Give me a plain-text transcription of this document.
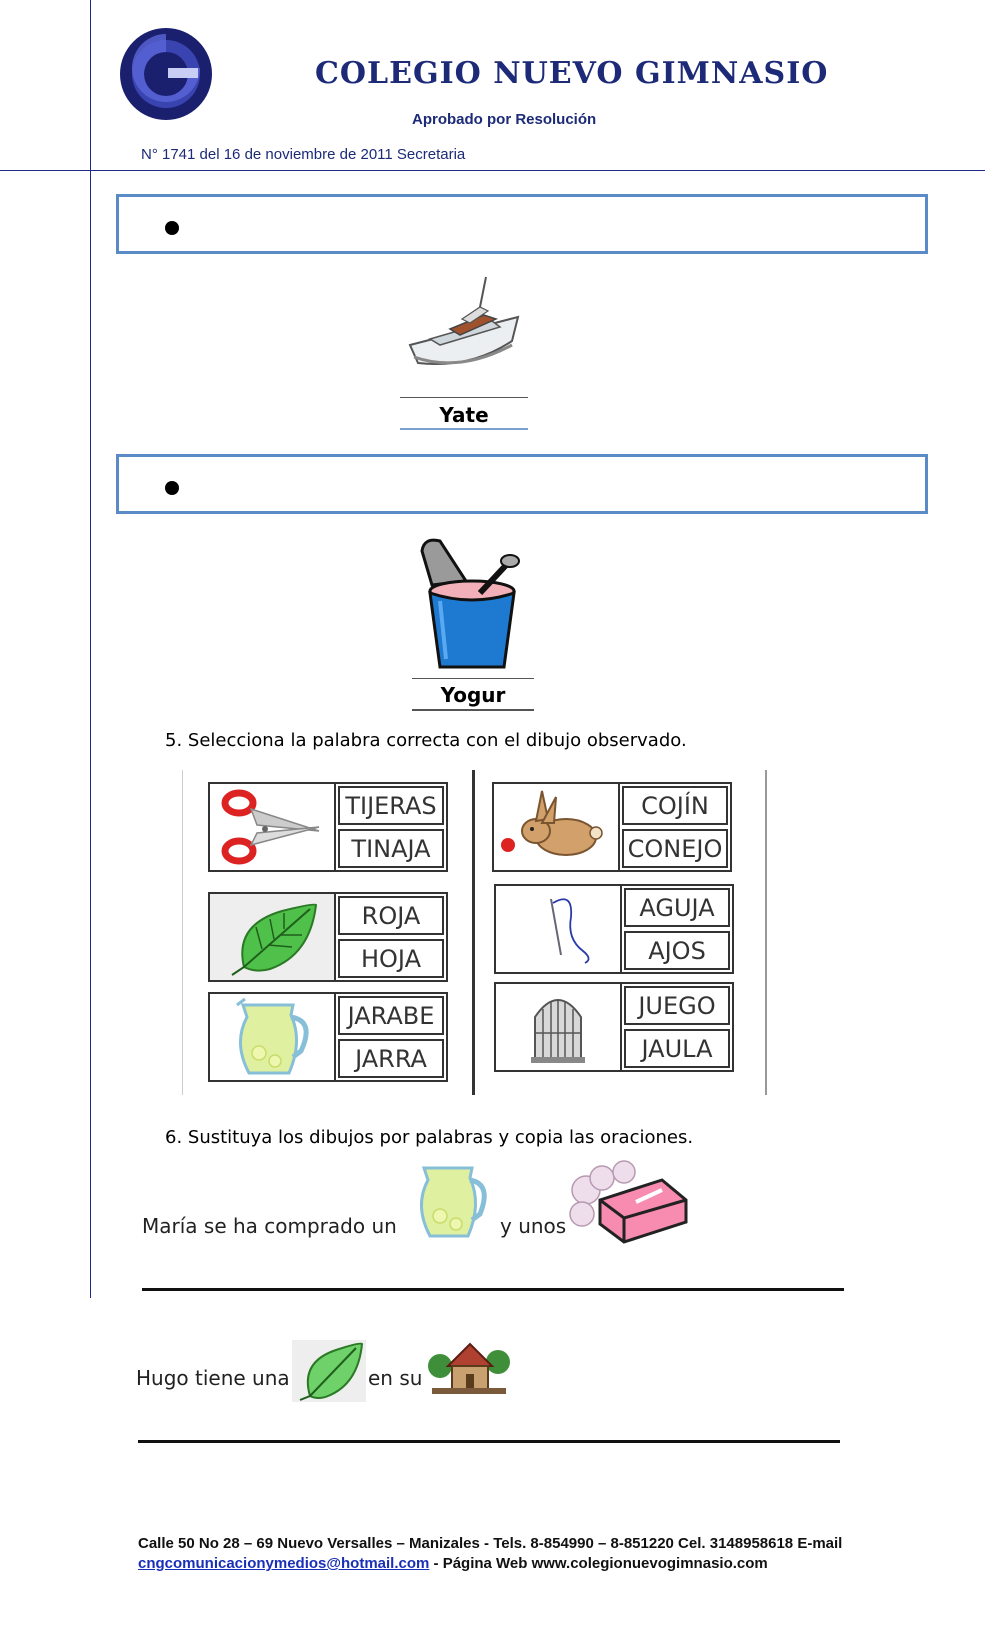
COLEGIO NUEVO GIMNASIO
Aprobado por Resolución
N° 1741 del 16 de noviembre de 2011 Secretaria
Yate
Yogur
5. Selecciona la palabra correcta con el dibujo observado.
TIJERAS
TINAJA
ROJA
HOJA
JARABE
JARRA
COJÍN
CONEJO
AGUJA
AJOS
JUEGO
JAULA
6. Sustituya los dibujos por palabras y copia las oraciones.
María se ha comprado un	y unos
Hugo tiene una	en su
Calle 50 No 28 – 69 Nuevo Versalles – Manizales - Tels. 8-854990 – 8-851220 Cel. 3148958618 E-mail
cngcomunicacionymedios@hotmail.com - Página Web www.colegionuevogimnasio.com
